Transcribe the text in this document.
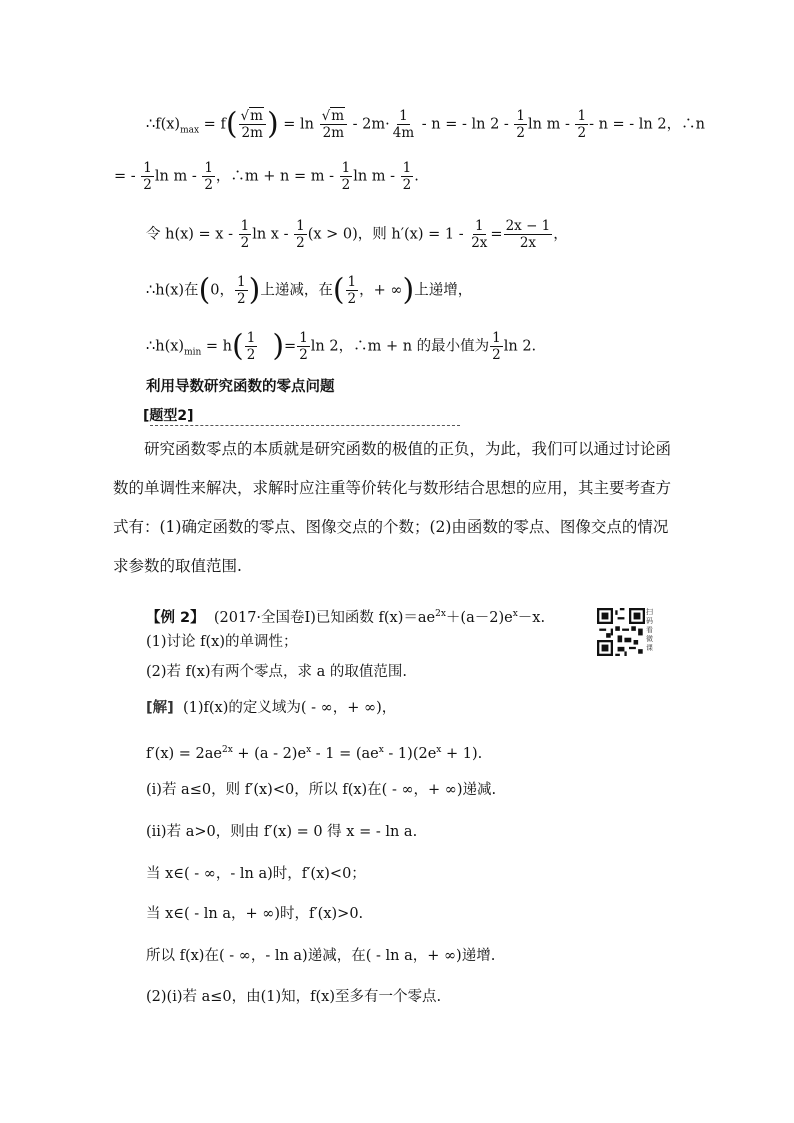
$\therefore f(x)_{max} = f( \frac{√m}{2m}$ ) = $\ln \frac{√m}{2m} - 2m\cdot \frac{1}{4m} - n$ = - $\ln 2 - \frac{1}{2}$ ln m - $\frac{1}{2}$ - n = - ln 2，∴n
= - $\frac{1}{2}$ ln m - $\frac{1}{2}$ ，∴m + $n = m - \frac{1}{2}$ ln m - $\frac{1}{2}$ .
令 $h(x) = x - \frac{1}{2}$ $\ln x - \frac{1}{2} (x > 0)$，则 $h'(x) = 1 - \frac{1}{2x} = \frac{2x - 1}{2x}$ ，
∴h(x)在(0， $\frac{1}{2}$ )上递减，在( $\frac{1}{2}$ ，+ ∞)上递增，
$\therefore h(x)_{min} = h( \frac{1}{2}$ )= $\frac{1}{2}$ ln 2，∴m + n 的最小值为 $\frac{1}{2}$ ln 2.
利用导数研究函数的零点问题
[题型2]
研究函数零点的本质就是研究函数的极值的正负，为此，我们可以通过讨论函数的单调性来解决，求解时应注重等价转化与数形结合思想的应用，其主要考查方式有：(1)确定函数的零点、图像交点的个数；(2)由函数的零点、图像交点的情况求参数的取值范围.
【例 2】 (2017·全国卷Ⅰ)已知函数 $f(x)=ae^{2x}+(a-2)e^x-x$.
(1)讨论 f(x)的单调性；
(2)若 f(x)有两个零点，求 a 的取值范围.
扫码看微课
[解] (1)f(x)的定义域为( - ∞，+ ∞)，
$f'(x) = 2ae^{2x} + (a - 2)e^x - 1 = (ae^x - 1)(2e^x + 1)$.
(ⅰ)若 a≤0，则 f′(x)<0，所以 f(x)在( - ∞，+ ∞)递减.
(ⅱ)若 a>0，则由 f′(x) = 0 得 x = - ln a.
当 x∈( - ∞，- ln a)时，f′(x)<0；
当 x∈( - ln a，+ ∞)时，f′(x)>0.
所以 f(x)在( - ∞，- ln a)递减，在( - ln a，+ ∞)递增.
(2)(ⅰ)若 a≤0，由(1)知，f(x)至多有一个零点.
